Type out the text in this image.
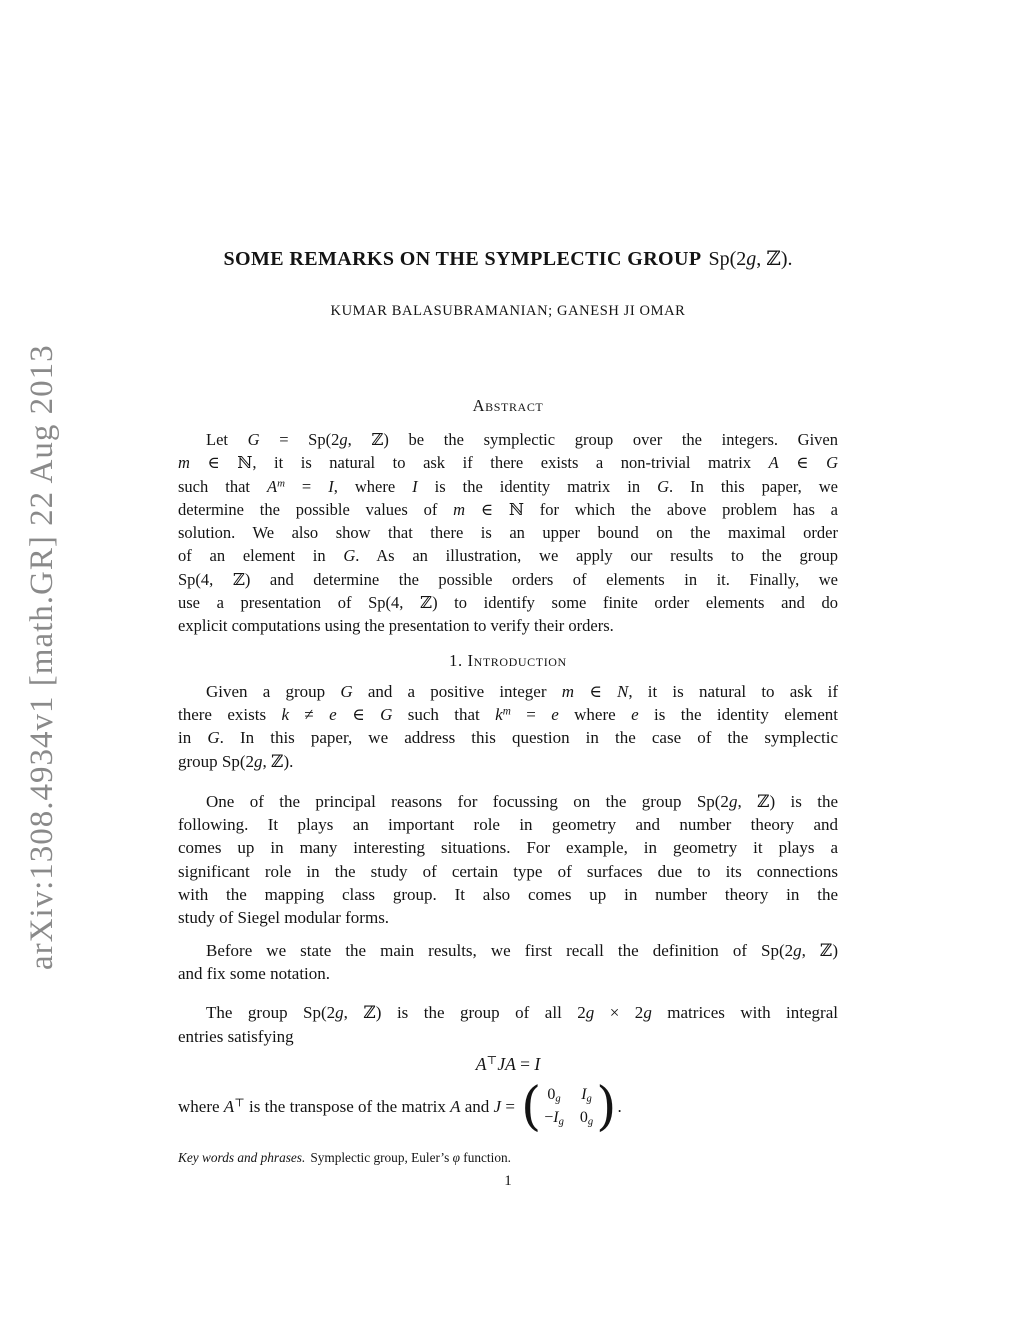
arXiv:1308.4934v1 [math.GR] 22 Aug 2013
SOME REMARKS ON THE SYMPLECTIC GROUP Sp(2g, ℤ).
KUMAR BALASUBRAMANIAN; GANESH JI OMAR
Abstract
Let G = Sp(2g, ℤ) be the symplectic group over the integers. Given
m ∈ ℕ, it is natural to ask if there exists a non-trivial matrix A ∈ G
such that $A^m = I$, where I is the identity matrix in G. In this paper, we
determine the possible values of m ∈ ℕ for which the above problem has a
solution. We also show that there is an upper bound on the maximal order
of an element in G. As an illustration, we apply our results to the group
Sp(4, ℤ) and determine the possible orders of elements in it. Finally, we
use a presentation of Sp(4, ℤ) to identify some finite order elements and do
explicit computations using the presentation to verify their orders.
1. Introduction
Given a group G and a positive integer m ∈ N, it is natural to ask if
there exists k ≠ e ∈ G such that $k^m = e$ where e is the identity element
in G. In this paper, we address this question in the case of the symplectic
group Sp(2g, ℤ).
One of the principal reasons for focussing on the group Sp(2g, ℤ) is the
following. It plays an important role in geometry and number theory and
comes up in many interesting situations. For example, in geometry it plays a
significant role in the study of certain type of surfaces due to its connections
with the mapping class group. It also comes up in number theory in the
study of Siegel modular forms.
Before we state the main results, we first recall the definition of Sp(2g, ℤ)
and fix some notation.
The group Sp(2g, ℤ) is the group of all 2g × 2g matrices with integral
entries satisfying
A⊤JA = I
where A⊤ is the transpose of the matrix A and J = ( $0_g$ $I_g$
$-I_g$ $0_g$ ) .
Key words and phrases. Symplectic group, Euler’s φ function.
1
